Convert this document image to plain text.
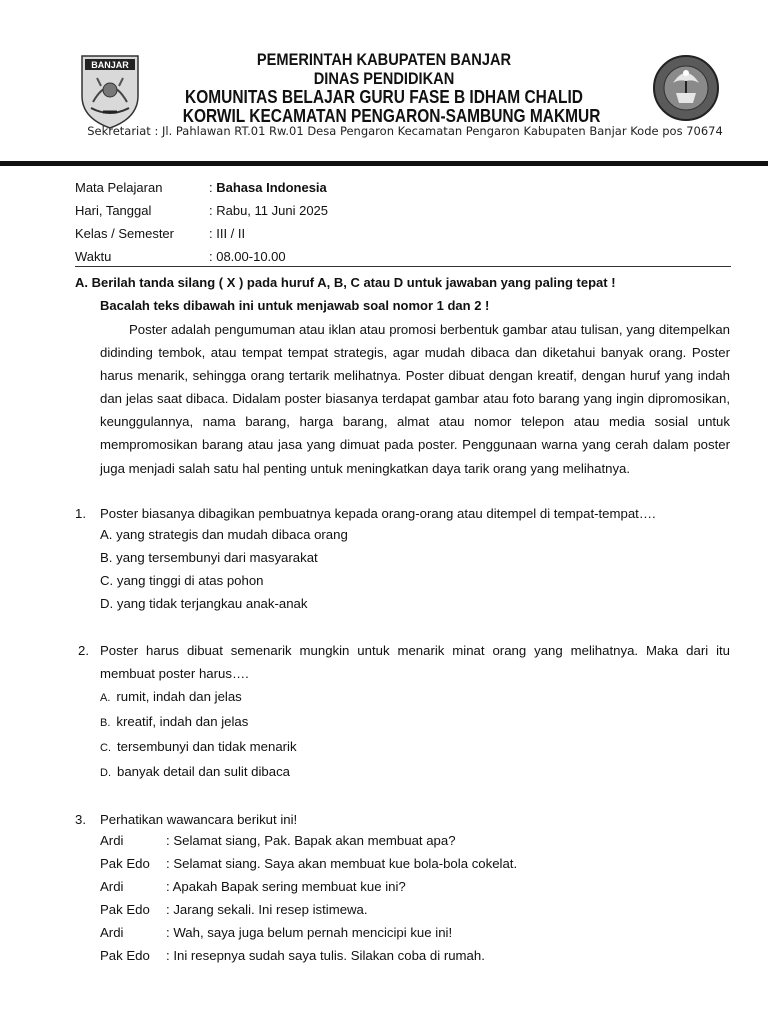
BANJAR	PEMERINTAH KABUPATEN BANJAR
DINAS PENDIDIKAN
KOMUNITAS BELAJAR GURU FASE B IDHAM CHALID
KORWIL KECAMATAN PENGARON-SAMBUNG MAKMUR
Sekretariat : Jl. Pahlawan RT.01 Rw.01 Desa Pengaron Kecamatan Pengaron Kabupaten Banjar Kode pos 70674
Mata Pelajaran	: Bahasa Indonesia
Hari, Tanggal	: Rabu, 11 Juni 2025
Kelas / Semester	: III / II
Waktu	: 08.00-10.00
A. Berilah tanda silang ( X ) pada huruf A, B, C atau D untuk jawaban yang paling tepat !
Bacalah teks dibawah ini untuk menjawab soal nomor 1 dan 2 !
Poster adalah pengumuman atau iklan atau promosi berbentuk gambar atau tulisan, yang ditempelkan didinding tembok, atau tempat tempat strategis, agar mudah dibaca dan diketahui banyak orang. Poster harus menarik, sehingga orang tertarik melihatnya. Poster dibuat dengan kreatif, dengan huruf yang indah dan jelas saat dibaca. Didalam poster biasanya terdapat gambar atau foto barang yang ingin dipromosikan, keunggulannya, nama barang, harga barang, almat atau nomor telepon atau media sosial untuk mempromosikan barang atau jasa yang dimuat pada poster. Penggunaan warna yang cerah dalam poster juga menjadi salah satu hal penting untuk meningkatkan daya tarik orang yang melihatnya.
1. Poster biasanya dibagikan pembuatnya kepada orang-orang atau ditempel di tempat-tempat….
A. yang strategis dan mudah dibaca orang
B. yang tersembunyi dari masyarakat
C. yang tinggi di atas pohon
D. yang tidak terjangkau anak-anak
2. Poster harus dibuat semenarik mungkin untuk menarik minat orang yang melihatnya. Maka dari itu membuat poster harus….
A. rumit, indah dan jelas
B. kreatif, indah dan jelas
C. tersembunyi dan tidak menarik
D. banyak detail dan sulit dibaca
3. Perhatikan wawancara berikut ini!
Ardi	: Selamat siang, Pak. Bapak akan membuat apa?
Pak Edo : Selamat siang. Saya akan membuat kue bola-bola cokelat.
Ardi	: Apakah Bapak sering membuat kue ini?
Pak Edo : Jarang sekali. Ini resep istimewa.
Ardi	: Wah, saya juga belum pernah mencicipi kue ini!
Pak Edo : Ini resepnya sudah saya tulis. Silakan coba di rumah.
